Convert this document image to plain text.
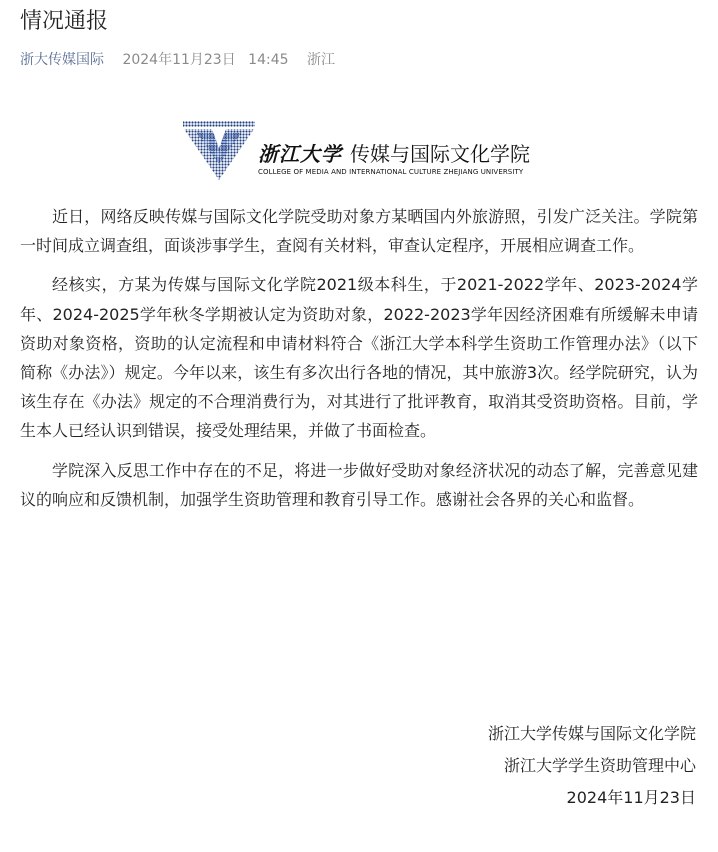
情况通报
浙大传媒国际 2024年11月23日 14:45 浙江
浙江大学 传媒与国际文化学院
COLLEGE OF MEDIA AND INTERNATIONAL CULTURE ZHEJIANG UNIVERSITY

近日，网络反映传媒与国际文化学院受助对象方某晒国内外旅游照，引发广泛关注。学院第一时间成立调查组，面谈涉事学生，查阅有关材料，审查认定程序，开展相应调查工作。

经核实，方某为传媒与国际文化学院2021级本科生，于2021-2022学年、2023-2024学年、2024-2025学年秋冬学期被认定为资助对象，2022-2023学年因经济困难有所缓解未申请资助对象资格，资助的认定流程和申请材料符合《浙江大学本科学生资助工作管理办法》（以下简称《办法》）规定。今年以来，该生有多次出行各地的情况，其中旅游3次。经学院研究，认为该生存在《办法》规定的不合理消费行为，对其进行了批评教育，取消其受资助资格。目前，学生本人已经认识到错误，接受处理结果，并做了书面检查。

学院深入反思工作中存在的不足，将进一步做好受助对象经济状况的动态了解，完善意见建议的响应和反馈机制，加强学生资助管理和教育引导工作。感谢社会各界的关心和监督。

浙江大学传媒与国际文化学院
浙江大学学生资助管理中心
2024年11月23日
